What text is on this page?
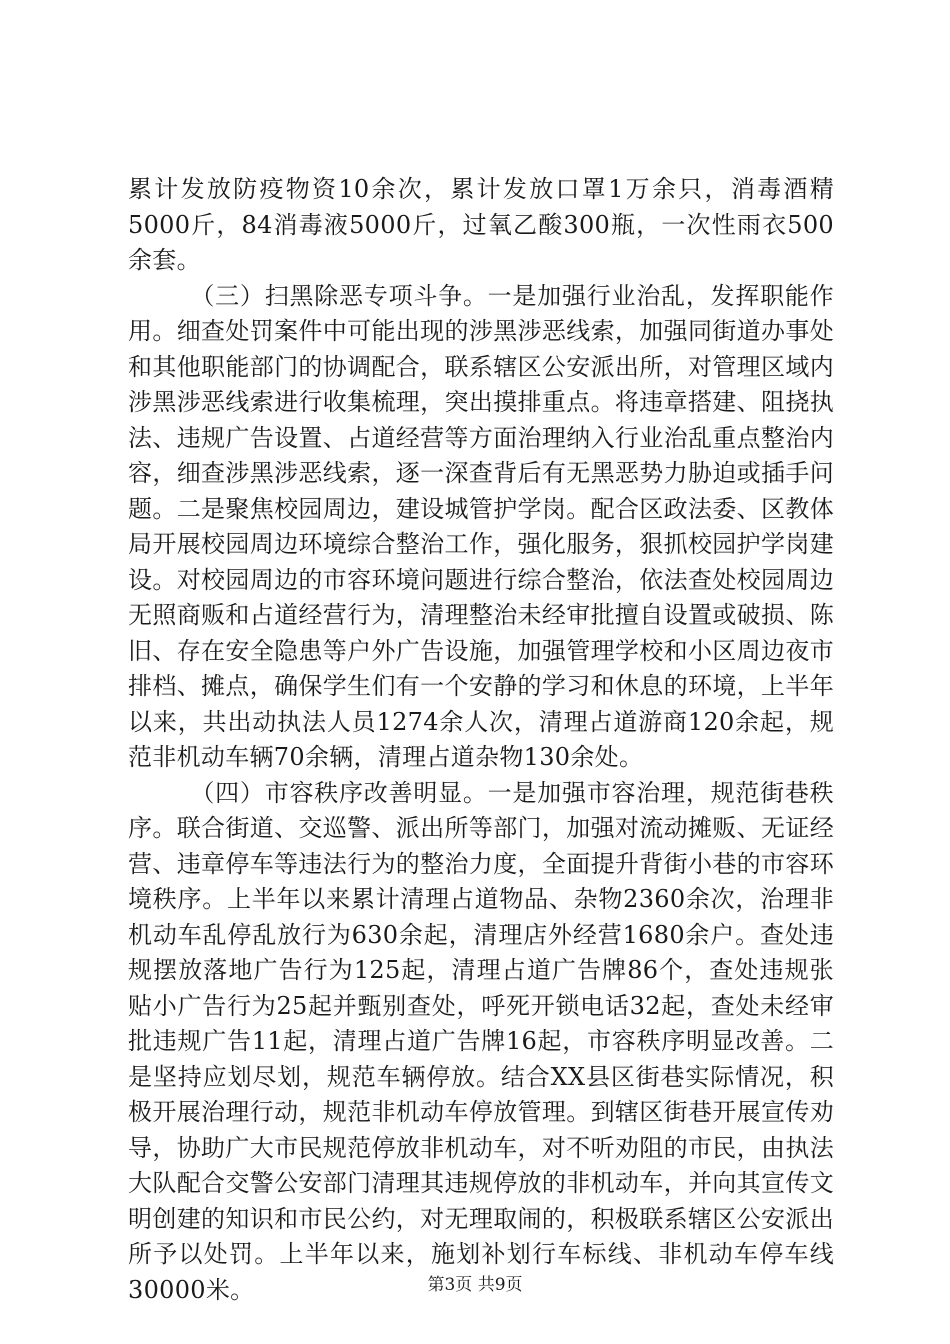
累计发放防疫物资10余次，累计发放口罩1万余只，消毒酒精5000斤，84消毒液5000斤，过氧乙酸300瓶，一次性雨衣500余套。

（三）扫黑除恶专项斗争。一是加强行业治乱，发挥职能作用。细查处罚案件中可能出现的涉黑涉恶线索，加强同街道办事处和其他职能部门的协调配合，联系辖区公安派出所，对管理区域内涉黑涉恶线索进行收集梳理，突出摸排重点。将违章搭建、阻挠执法、违规广告设置、占道经营等方面治理纳入行业治乱重点整治内容，细查涉黑涉恶线索，逐一深查背后有无黑恶势力胁迫或插手问题。二是聚焦校园周边，建设城管护学岗。配合区政法委、区教体局开展校园周边环境综合整治工作，强化服务，狠抓校园护学岗建设。对校园周边的市容环境问题进行综合整治，依法查处校园周边无照商贩和占道经营行为，清理整治未经审批擅自设置或破损、陈旧、存在安全隐患等户外广告设施，加强管理学校和小区周边夜市排档、摊点，确保学生们有一个安静的学习和休息的环境，上半年以来，共出动执法人员1274余人次，清理占道游商120余起，规范非机动车辆70余辆，清理占道杂物130余处。

（四）市容秩序改善明显。一是加强市容治理，规范街巷秩序。联合街道、交巡警、派出所等部门，加强对流动摊贩、无证经营、违章停车等违法行为的整治力度，全面提升背街小巷的市容环境秩序。上半年以来累计清理占道物品、杂物2360余次，治理非机动车乱停乱放行为630余起，清理店外经营1680余户。查处违规摆放落地广告行为125起，清理占道广告牌86个，查处违规张贴小广告行为25起并甄别查处，呼死开锁电话32起，查处未经审批违规广告11起，清理占道广告牌16起，市容秩序明显改善。二是坚持应划尽划，规范车辆停放。结合XX县区街巷实际情况，积极开展治理行动，规范非机动车停放管理。到辖区街巷开展宣传劝导，协助广大市民规范停放非机动车，对不听劝阻的市民，由执法大队配合交警公安部门清理其违规停放的非机动车，并向其宣传文明创建的知识和市民公约，对无理取闹的，积极联系辖区公安派出所予以处罚。上半年以来，施划补划行车标线、非机动车停车线30000米。	第3页 共9页
